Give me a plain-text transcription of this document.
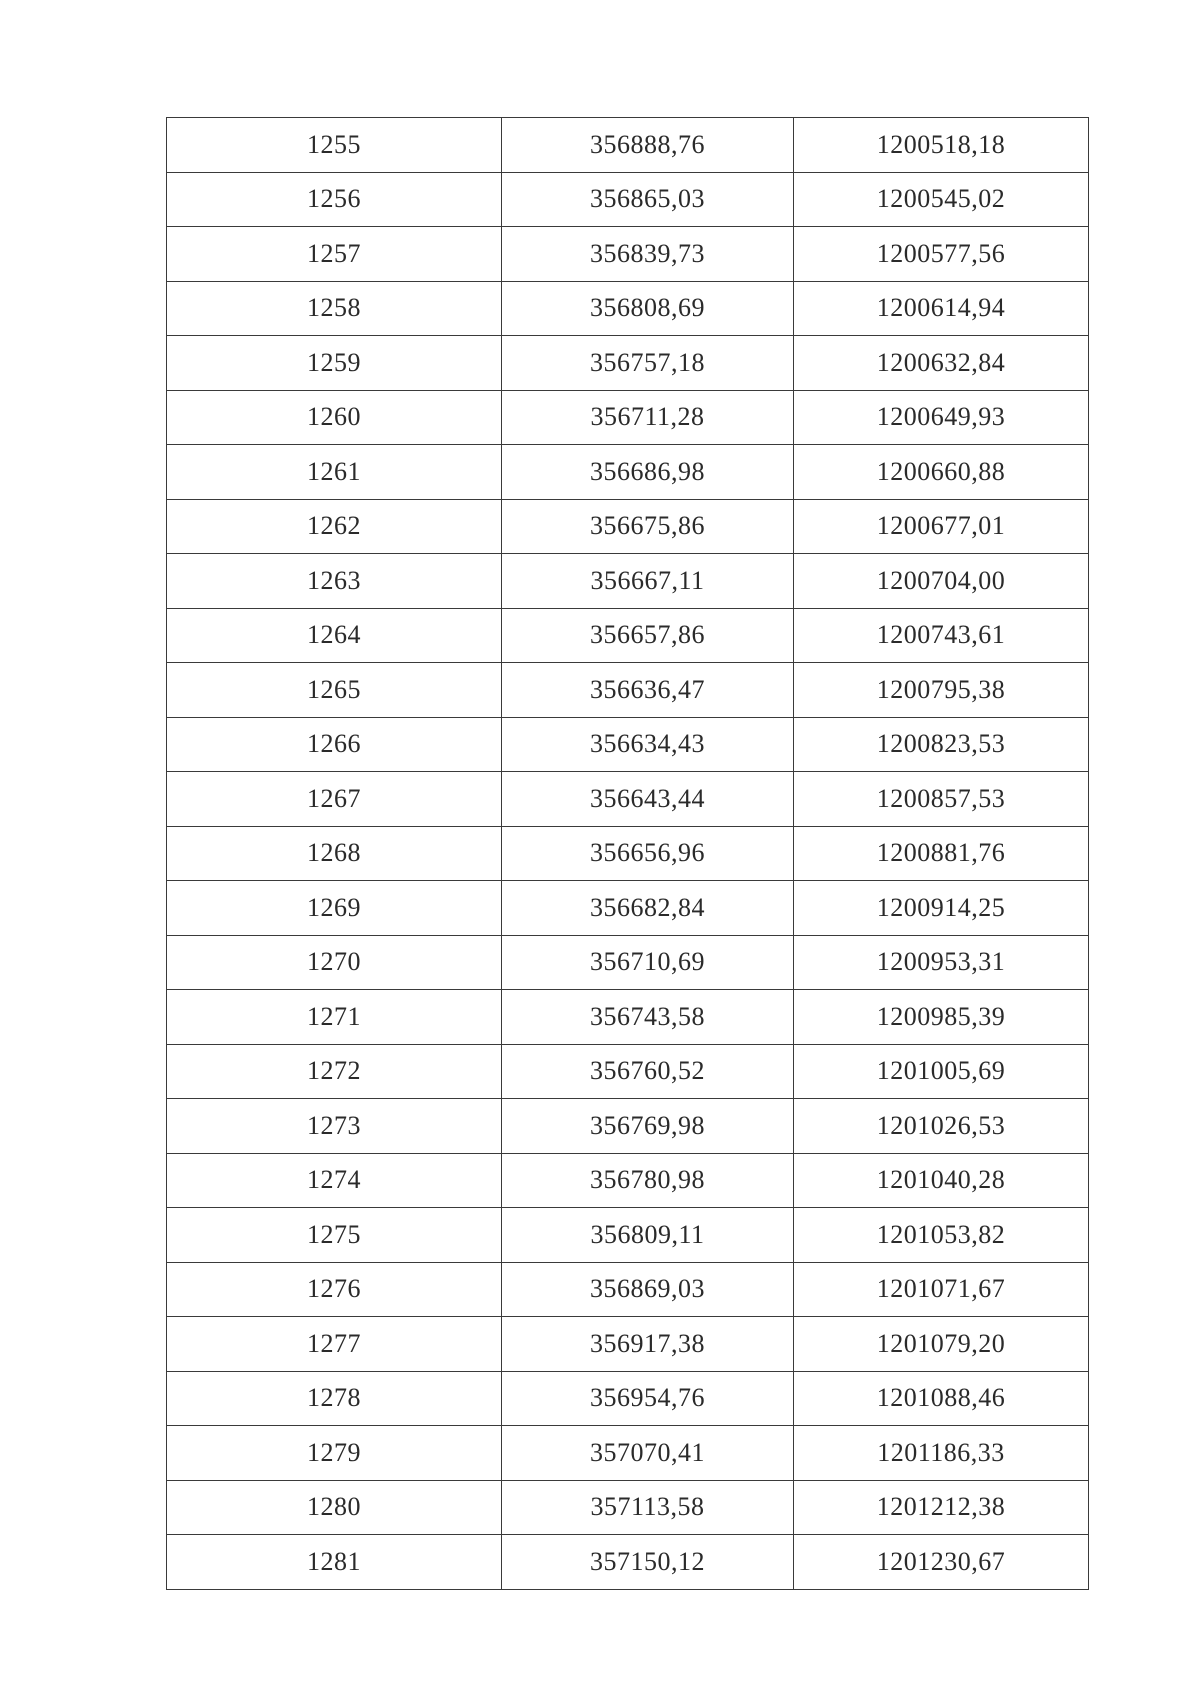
1255	356888,76	1200518,18
1256	356865,03	1200545,02
1257	356839,73	1200577,56
1258	356808,69	1200614,94
1259	356757,18	1200632,84
1260	356711,28	1200649,93
1261	356686,98	1200660,88
1262	356675,86	1200677,01
1263	356667,11	1200704,00
1264	356657,86	1200743,61
1265	356636,47	1200795,38
1266	356634,43	1200823,53
1267	356643,44	1200857,53
1268	356656,96	1200881,76
1269	356682,84	1200914,25
1270	356710,69	1200953,31
1271	356743,58	1200985,39
1272	356760,52	1201005,69
1273	356769,98	1201026,53
1274	356780,98	1201040,28
1275	356809,11	1201053,82
1276	356869,03	1201071,67
1277	356917,38	1201079,20
1278	356954,76	1201088,46
1279	357070,41	1201186,33
1280	357113,58	1201212,38
1281	357150,12	1201230,67
